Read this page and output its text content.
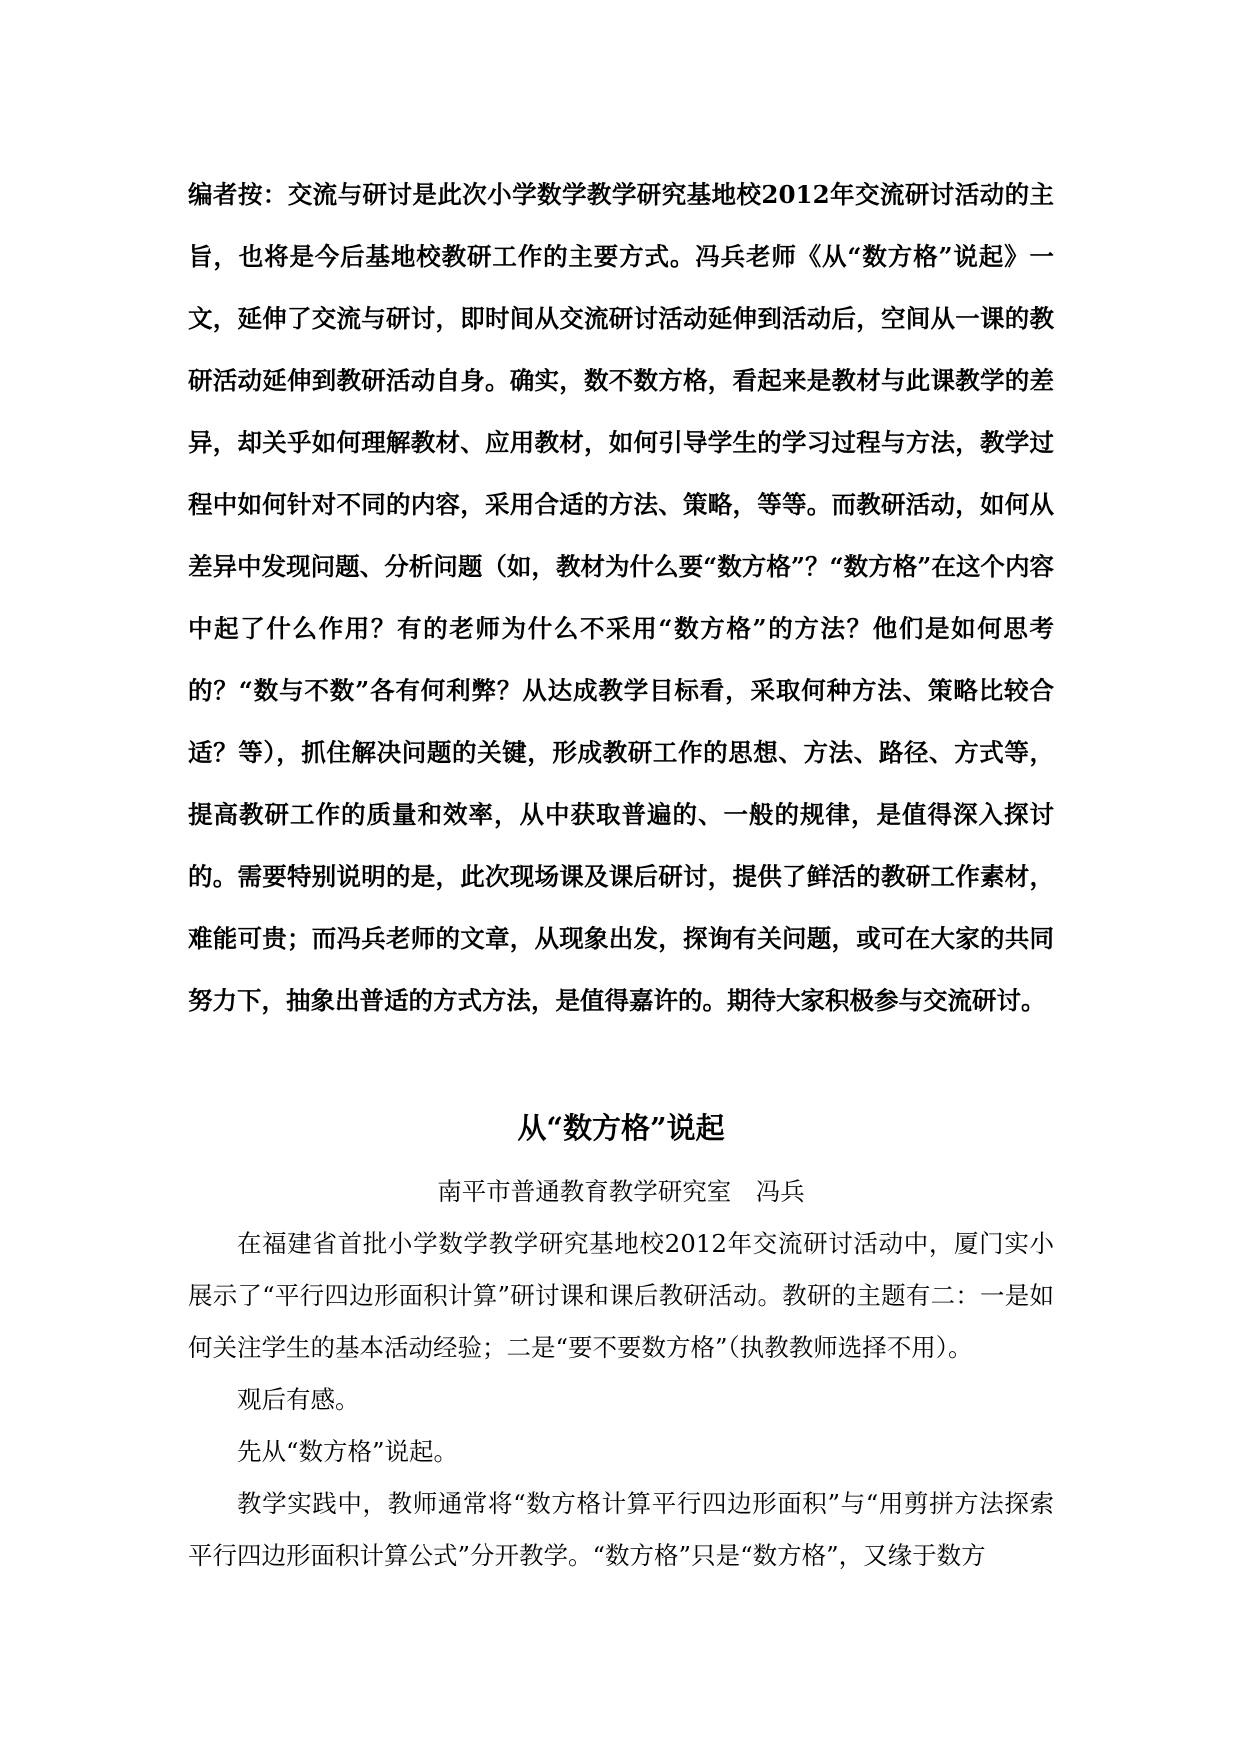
编者按：交流与研讨是此次小学数学教学研究基地校2012年交流研讨活动的主旨，也将是今后基地校教研工作的主要方式。冯兵老师《从“数方格”说起》一文，延伸了交流与研讨，即时间从交流研讨活动延伸到活动后，空间从一课的教研活动延伸到教研活动自身。确实，数不数方格，看起来是教材与此课教学的差异，却关乎如何理解教材、应用教材，如何引导学生的学习过程与方法，教学过程中如何针对不同的内容，采用合适的方法、策略，等等。而教研活动，如何从差异中发现问题、分析问题（如，教材为什么要“数方格”？“数方格”在这个内容中起了什么作用？有的老师为什么不采用“数方格”的方法？他们是如何思考的？“数与不数”各有何利弊？从达成教学目标看，采取何种方法、策略比较合适？等），抓住解决问题的关键，形成教研工作的思想、方法、路径、方式等，提高教研工作的质量和效率，从中获取普遍的、一般的规律，是值得深入探讨的。需要特别说明的是，此次现场课及课后研讨，提供了鲜活的教研工作素材，难能可贵；而冯兵老师的文章，从现象出发，探询有关问题，或可在大家的共同努力下，抽象出普适的方式方法，是值得嘉许的。期待大家积极参与交流研讨。

从“数方格”说起

南平市普通教育教学研究室　冯兵

在福建省首批小学数学教学研究基地校2012年交流研讨活动中，厦门实小展示了“平行四边形面积计算”研讨课和课后教研活动。教研的主题有二：一是如何关注学生的基本活动经验；二是“要不要数方格”（执教教师选择不用）。

观后有感。

先从“数方格”说起。

教学实践中，教师通常将“数方格计算平行四边形面积”与“用剪拼方法探索平行四边形面积计算公式”分开教学。“数方格”只是“数方格”，又缘于数方
